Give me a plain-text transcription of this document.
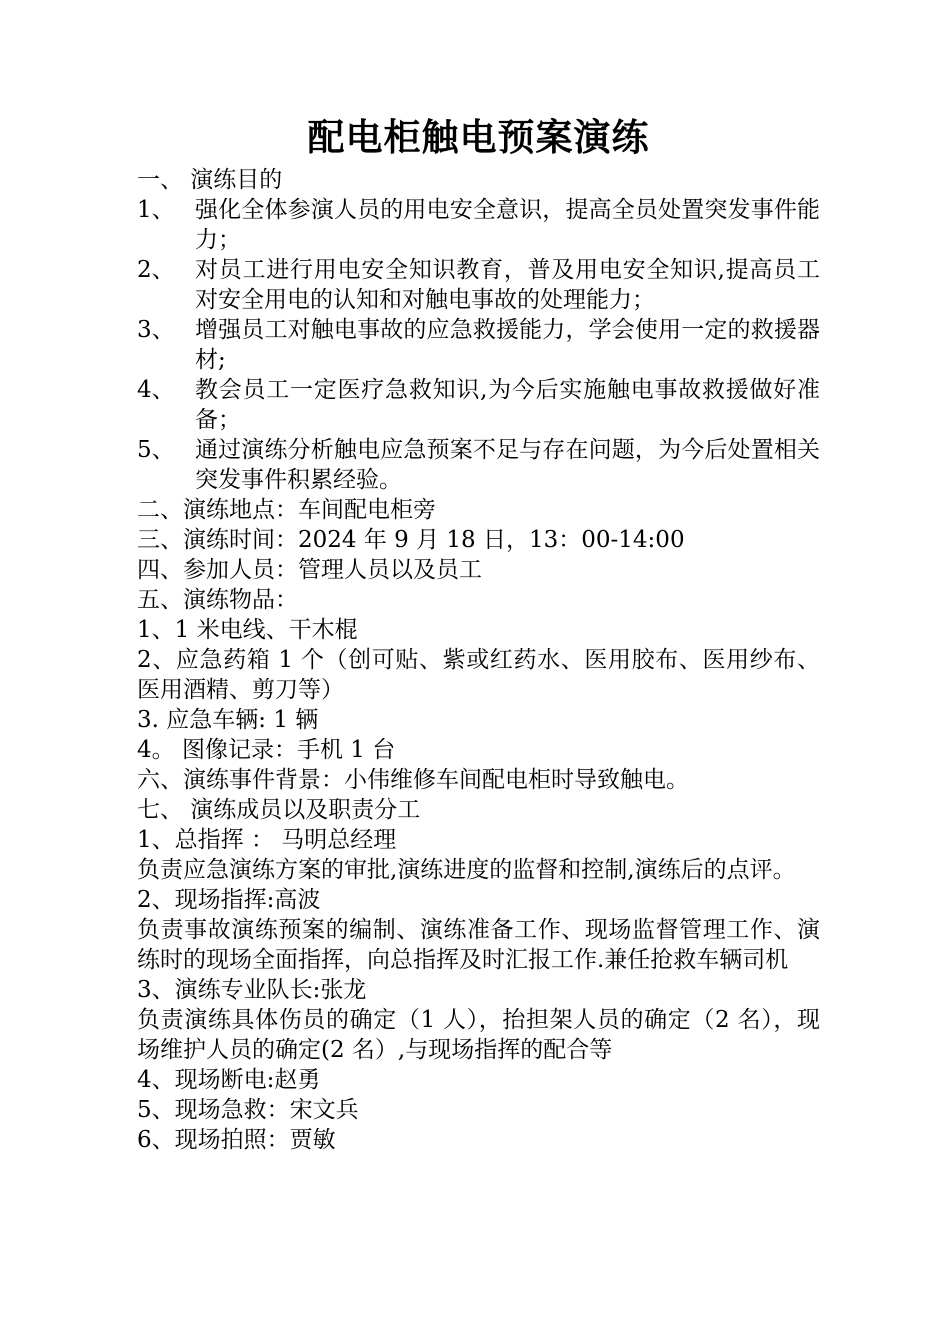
配电柜触电预案演练
一、 演练目的
1、 强化全体参演人员的用电安全意识，提高全员处置突发事件能力；
2、 对员工进行用电安全知识教育，普及用电安全知识,提高员工对安全用电的认知和对触电事故的处理能力；
3、 增强员工对触电事故的应急救援能力，学会使用一定的救援器材;
4、 教会员工一定医疗急救知识,为今后实施触电事故救援做好准备；
5、 通过演练分析触电应急预案不足与存在问题，为今后处置相关突发事件积累经验。
二、演练地点：车间配电柜旁
三、演练时间：2024 年 9 月 18 日，13：00-14:00
四、参加人员：管理人员以及员工
五、演练物品：
1、1 米电线、干木棍
2、应急药箱 1 个（创可贴、紫或红药水、医用胶布、医用纱布、医用酒精、剪刀等）
3. 应急车辆: 1 辆
4。 图像记录：手机 1 台
六、演练事件背景：小伟维修车间配电柜时导致触电。
七、 演练成员以及职责分工
1、总指挥 ： 马明总经理
负责应急演练方案的审批,演练进度的监督和控制,演练后的点评。
2、现场指挥:高波
负责事故演练预案的编制、演练准备工作、现场监督管理工作、演练时的现场全面指挥，向总指挥及时汇报工作.兼任抢救车辆司机
3、演练专业队长:张龙
负责演练具体伤员的确定（1 人），抬担架人员的确定（2 名），现场维护人员的确定(2 名）,与现场指挥的配合等
4、现场断电:赵勇
5、现场急救：宋文兵
6、现场拍照：贾敏
